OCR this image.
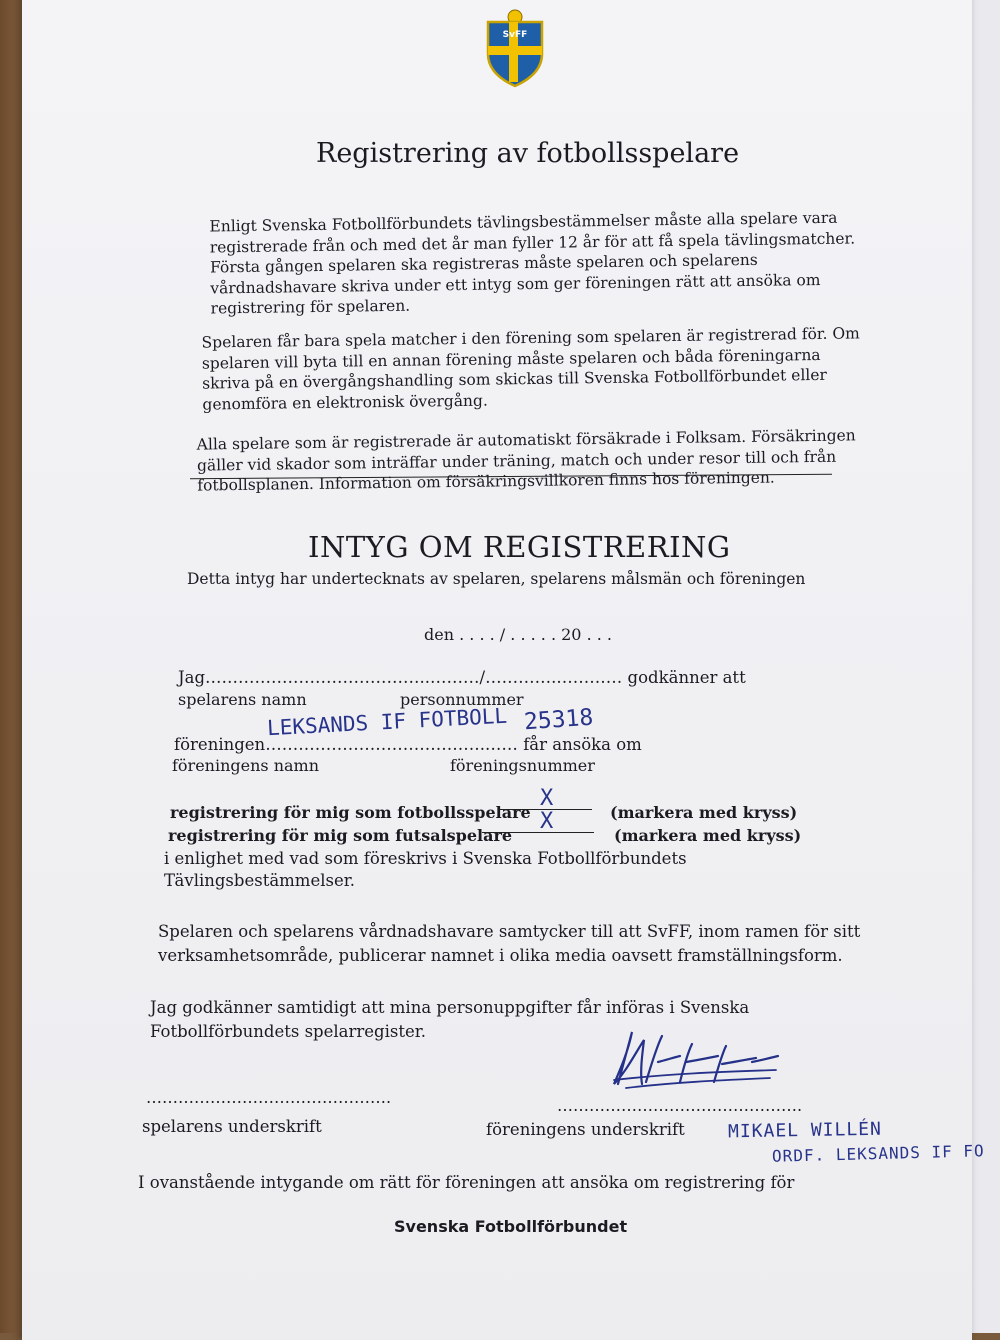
SvFF
Registrering av fotbollsspelare
Enligt Svenska Fotbollförbundets tävlingsbestämmelser måste alla spelare vara
registrerade från och med det år man fyller 12 år för att få spela tävlingsmatcher.
Första gången spelaren ska registreras måste spelaren och spelarens
vårdnadshavare skriva under ett intyg som ger föreningen rätt att ansöka om
registrering för spelaren.
Spelaren får bara spela matcher i den förening som spelaren är registrerad för. Om
spelaren vill byta till en annan förening måste spelaren och båda föreningarna
skriva på en övergångshandling som skickas till Svenska Fotbollförbundet eller
genomföra en elektronisk övergång.
Alla spelare som är registrerade är automatiskt försäkrade i Folksam. Försäkringen
gäller vid skador som inträffar under träning, match och under resor till och från
fotbollsplanen. Information om försäkringsvillkoren finns hos föreningen.
INTYG OM REGISTRERING
Detta intyg har undertecknats av spelaren, spelarens målsmän och föreningen
den . . . . / . . . . . 20 . . .
Jag…………………………………..………/………….………… godkänner att
spelarens namn	personnummer
föreningen………………………………….…… får ansöka om
LEKSANDS IF FOTBOLL 25318
föreningens namn	föreningsnummer
registrering för mig som fotbollsspelare
X
(markera med kryss)
registrering för mig som futsalspelare
X
(markera med kryss)
i enlighet med vad som föreskrivs i Svenska Fotbollförbundets
Tävlingsbestämmelser.
Spelaren och spelarens vårdnadshavare samtycker till att SvFF, inom ramen för sitt
verksamhetsområde, publicerar namnet i olika media oavsett framställningsform.
Jag godkänner samtidigt att mina personuppgifter får införas i Svenska
Fotbollförbundets spelarregister.
……………………………………….	……………………………………….
spelarens underskrift	föreningens underskrift MIKAEL WILLÉN
ORDF. LEKSANDS IF FO
I ovanstående intygande om rätt för föreningen att ansöka om registrering för
Svenska Fotbollförbundet
